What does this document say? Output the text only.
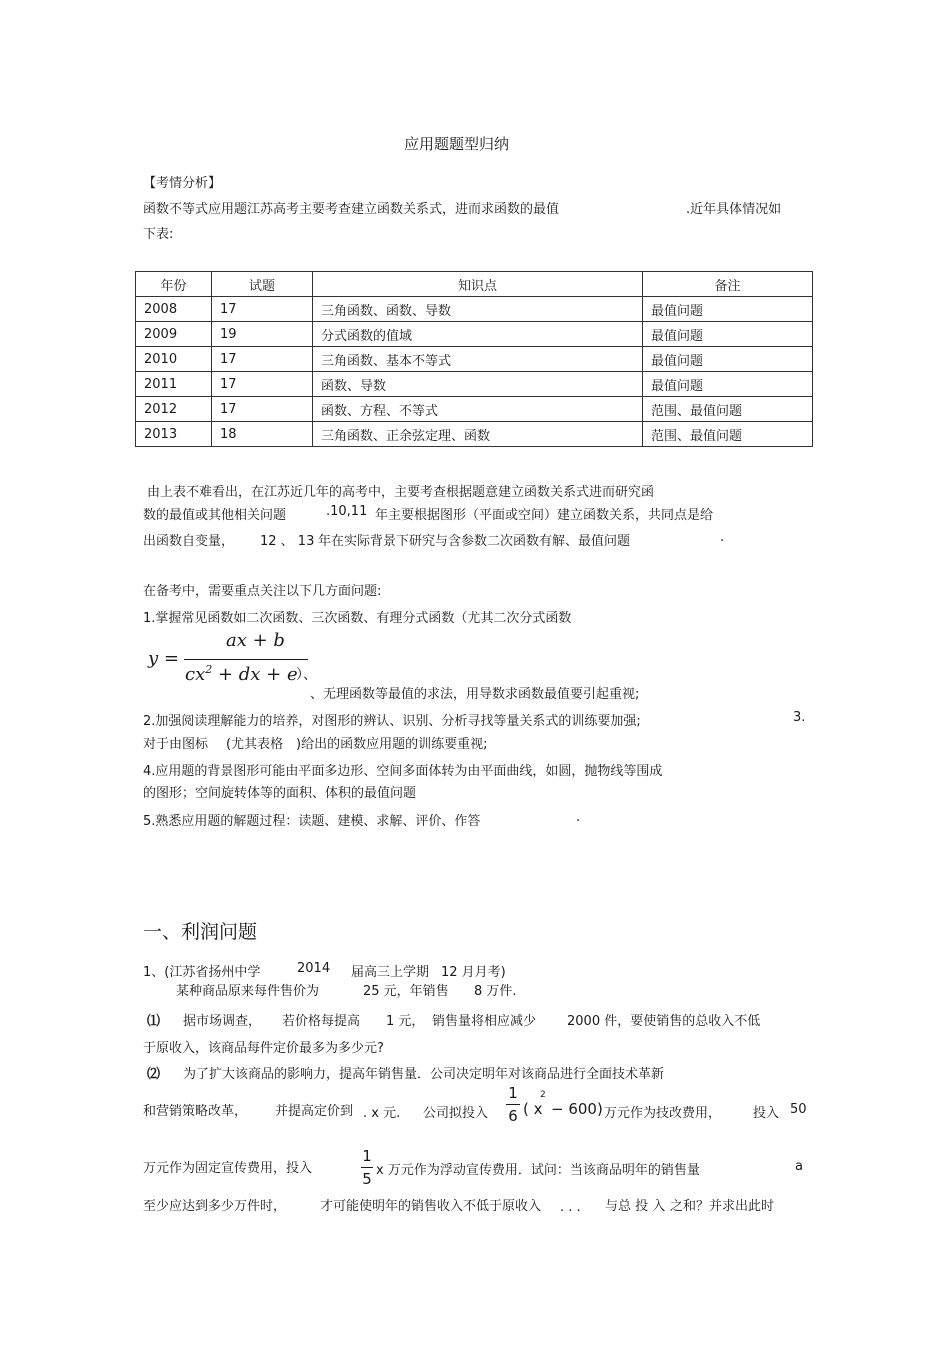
应用题题型归纳
【考情分析】
函数不等式应用题江苏高考主要考查建立函数关系式，进而求函数的最值	.近年具体情况如
下表:
年份	试题	知识点	备注
2008	17	三角函数、函数、导数	最值问题
2009	19	分式函数的值域	最值问题
2010	17	三角函数、基本不等式	最值问题
2011	17	函数、导数	最值问题
2012	17	函数、方程、不等式	范围、最值问题
2013	18	三角函数、正余弦定理、函数	范围、最值问题
由上表不难看出，在江苏近几年的高考中，主要考查根据题意建立函数关系式进而研究函
数的最值或其他相关问题	.10,11 年主要根据图形（平面或空间）建立函数关系，共同点是给
出函数自变量， 12 、 13 年在实际背景下研究与含参数二次函数有解、最值问题	.
在备考中，需要重点关注以下几方面问题:
1.掌握常见函数如二次函数、三次函数、有理分式函数（尤其二次分式函数
y =
ax + b
$cx^2$ + dx + e
）、
、无理函数等最值的求法，用导数求函数最值要引起重视;
2.加强阅读理解能力的培养，对图形的辨认、识别、分析寻找等量关系式的训练要加强;	3.
对于由图标 (尤其表格 )给出的函数应用题的训练要重视;
4.应用题的背景图形可能由平面多边形、空间多面体转为由平面曲线，如圆，抛物线等围成
的图形；空间旋转体等的面积、体积的最值问题
5.熟悉应用题的解题过程：读题、建模、求解、评价、作答	.
一、利润问题
1、(江苏省扬州中学	2014 届高三上学期 12 月月考)
某种商品原来每件售价为	25 元，年销售 8 万件.
⑴ 据市场调查， 若价格每提高 1 元， 销售量将相应减少 2000 件，要使销售的总收入不低
于原收入，该商品每件定价最多为多少元?
⑵ 为了扩大该商品的影响力，提高年销售量．公司决定明年对该商品进行全面技术革新
和营销策略改革， 并提高定价到 . x 元. 公司拟投入
1
6 ( x
2
− 600) 万元作为技改费用， 投入 50
万元作为固定宣传费用，投入
1
5 x 万元作为浮动宣传费用．试问：当该商品明年的销售量	a
至少应达到多少万件时，	才可能使明年的销售收入不低于原收入 . . . 与总 投 入 之和？并求出此时
